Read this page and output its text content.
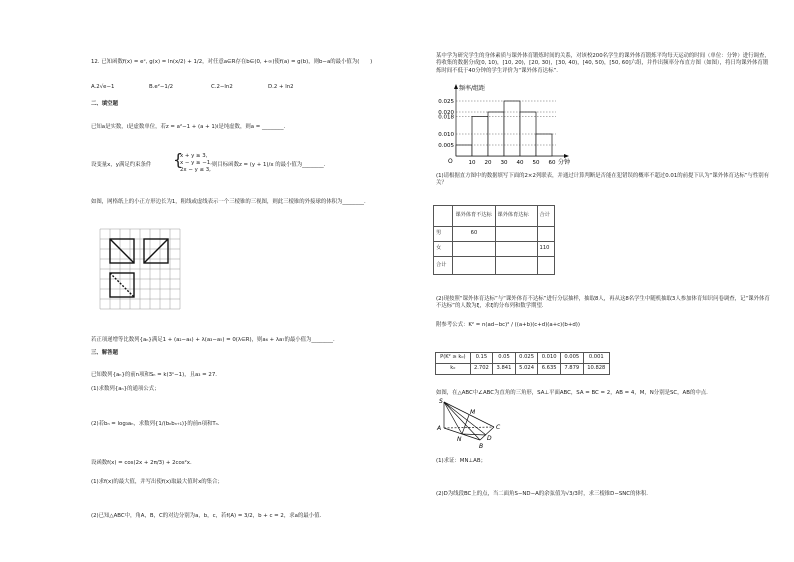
12. 已知函数f(x) = eˣ, g(x) = ln(x/2) + 1/2，对任意a∈R存在b∈(0, +∞)使f(a) = g(b)，则b−a的最小值为(　　)
A.2√e−1	B.e²−1/2	C.2−ln2	D.2 + ln2
二、填空题
已知a是实数，i是虚数单位，若z = a²−1 + (a + 1)i是纯虚数，则a = ________.
设变量x，y满足约束条件 {
x + y ≥ 3,
x − y ≥ −1,
2x − y ≤ 3,
则目标函数z = (y + 1)/x 的最小值为________.
如图，网格纸上的小正方形边长为1，粗线或虚线表示一个三棱锥的三视图，则此三棱锥的外接球的体积为________.
若正项递增等比数列{aₙ}满足1 + (a₂−a₄) + λ(a₃−a₅) = 0(λ∈R)，则a₆ + λa₇的最小值为________.
三、解答题
已知数列{aₙ}的前n项和Sₙ = k(3ⁿ−1)，且a₃ = 27.
(1)求数列{aₙ}的通项公式；
(2)若bₙ = log₃aₙ，求数列{1/(bₙbₙ₊₁)}的前n项和Tₙ.
设函数f(x) = cos(2x + 2π/3) + 2cos²x.
(1)求f(x)的最大值，并写出使f(x)取最大值时x的集合；
(2)已知△ABC中，角A，B，C的对边分别为a，b，c，若f(A) = 3/2，b + c = 2，求a的最小值.
某中学为研究学生的身体素质与课外体育锻炼时间的关系，对该校200名学生的课外体育锻炼平均每天运动的时间（单位：分钟）进行调查，将收集的数据分成[0, 10)，[10, 20)，[20, 30)，[30, 40)，[40, 50)，[50, 60]六组，并作出频率分布直方图（如图），将日均课外体育锻炼时间不低于40分钟的学生评价为“课外体育达标”.
频率/组距
分钟
O
0.005
0.010
0.018
0.020
0.025
10 20 30 40 50 60
(1)请根据直方图中的数据填写下面的2×2列联表，并通过计算判断是否能在犯错误的概率不超过0.01的前提下认为“课外体育达标”与性别有关？
	课外体育不达标	课外体育达标	合计
男	60		
女			110
合计			
(2)现按照“课外体育达标”与“课外体育不达标”进行分层抽样，抽取8人，再从这8名学生中随机抽取3人参加体育知识问卷调查，记“课外体育不达标”的人数为ξ，求ξ的分布列和数学期望.
附参考公式：K² = n(ad−bc)² / ((a+b)(c+d)(a+c)(b+d))
P(K² ≥ k₀)	0.15	0.05	0.025	0.010	0.005	0.001
k₀	2.702	3.841	5.024	6.635	7.879	10.828
如图，在△ABC中∠ABC为直角的三角形，SA⊥平面ABC，SA = BC = 2，AB = 4，M，N分别是SC，AB的中点.
S
A
B
C
M
N	D
(1)求证：MN⊥AB；
(2)D为线段BC上的点，当二面角S−ND−A的余弦值为√3/3时，求三棱锥D−SNC的体积.
